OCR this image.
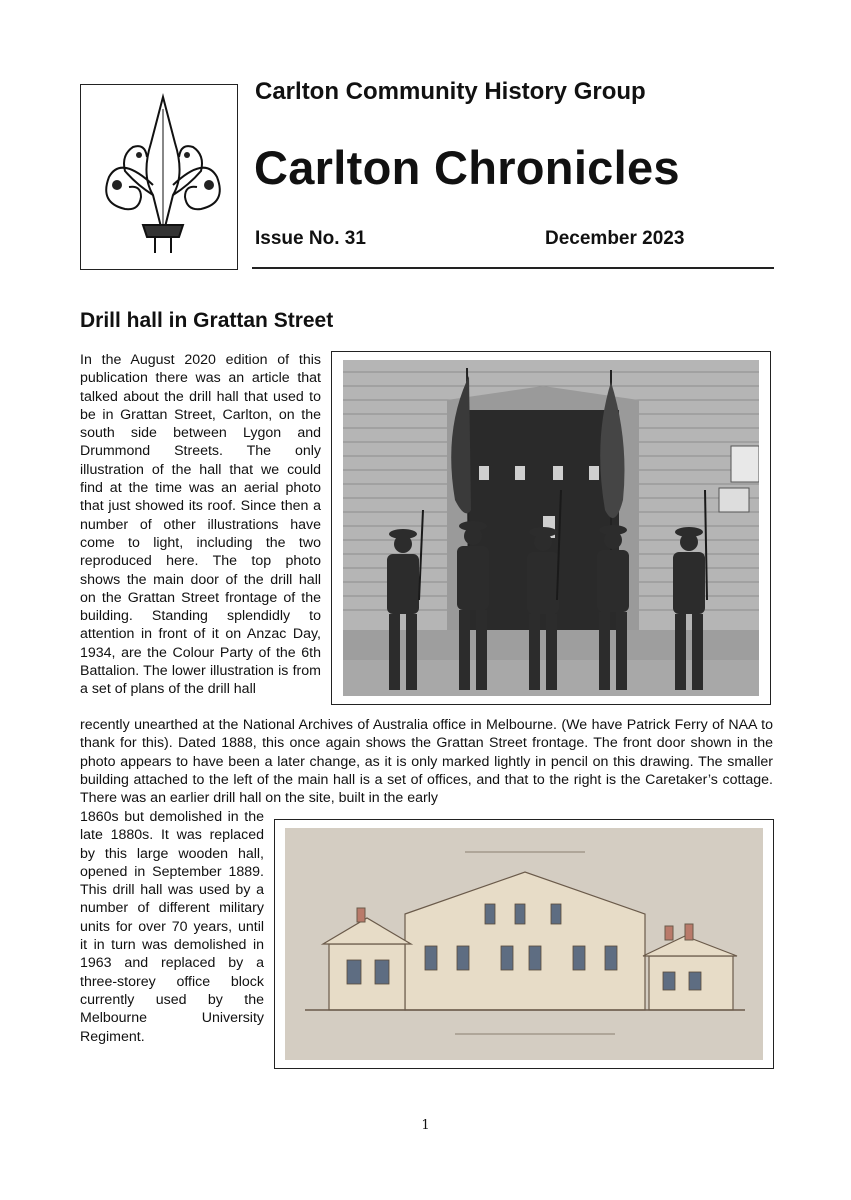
Carlton Community History Group
Carlton Chronicles
Issue No. 31	December 2023
Drill hall in Grattan Street

In the August 2020 edition of this publication there was an article that talked about the drill hall that used to be in Grattan Street, Carlton, on the south side between Lygon and Drummond Streets. The only illustration of the hall that we could find at the time was an aerial photo that just showed its roof. Since then a number of other illustrations have come to light, including the two reproduced here. The top photo shows the main door of the drill hall on the Grattan Street frontage of the building. Standing splendidly to attention in front of it on Anzac Day, 1934, are the Colour Party of the 6th Battalion. The lower illustration is from a set of plans of the drill hall

recently unearthed at the National Archives of Australia office in Melbourne. (We have Patrick Ferry of NAA to thank for this). Dated 1888, this once again shows the Grattan Street frontage. The front door shown in the photo appears to have been a later change, as it is only marked lightly in pencil on this drawing. The smaller building attached to the left of the main hall is a set of offices, and that to the right is the Caretaker’s cottage. There was an earlier drill hall on the site, built in the early

1860s but demolished in the late 1880s. It was replaced by this large wooden hall, opened in September 1889. This drill hall was used by a number of different military units for over 70 years, until it in turn was demolished in 1963 and replaced by a three-storey office block currently used by the Melbourne University Regiment.

1
